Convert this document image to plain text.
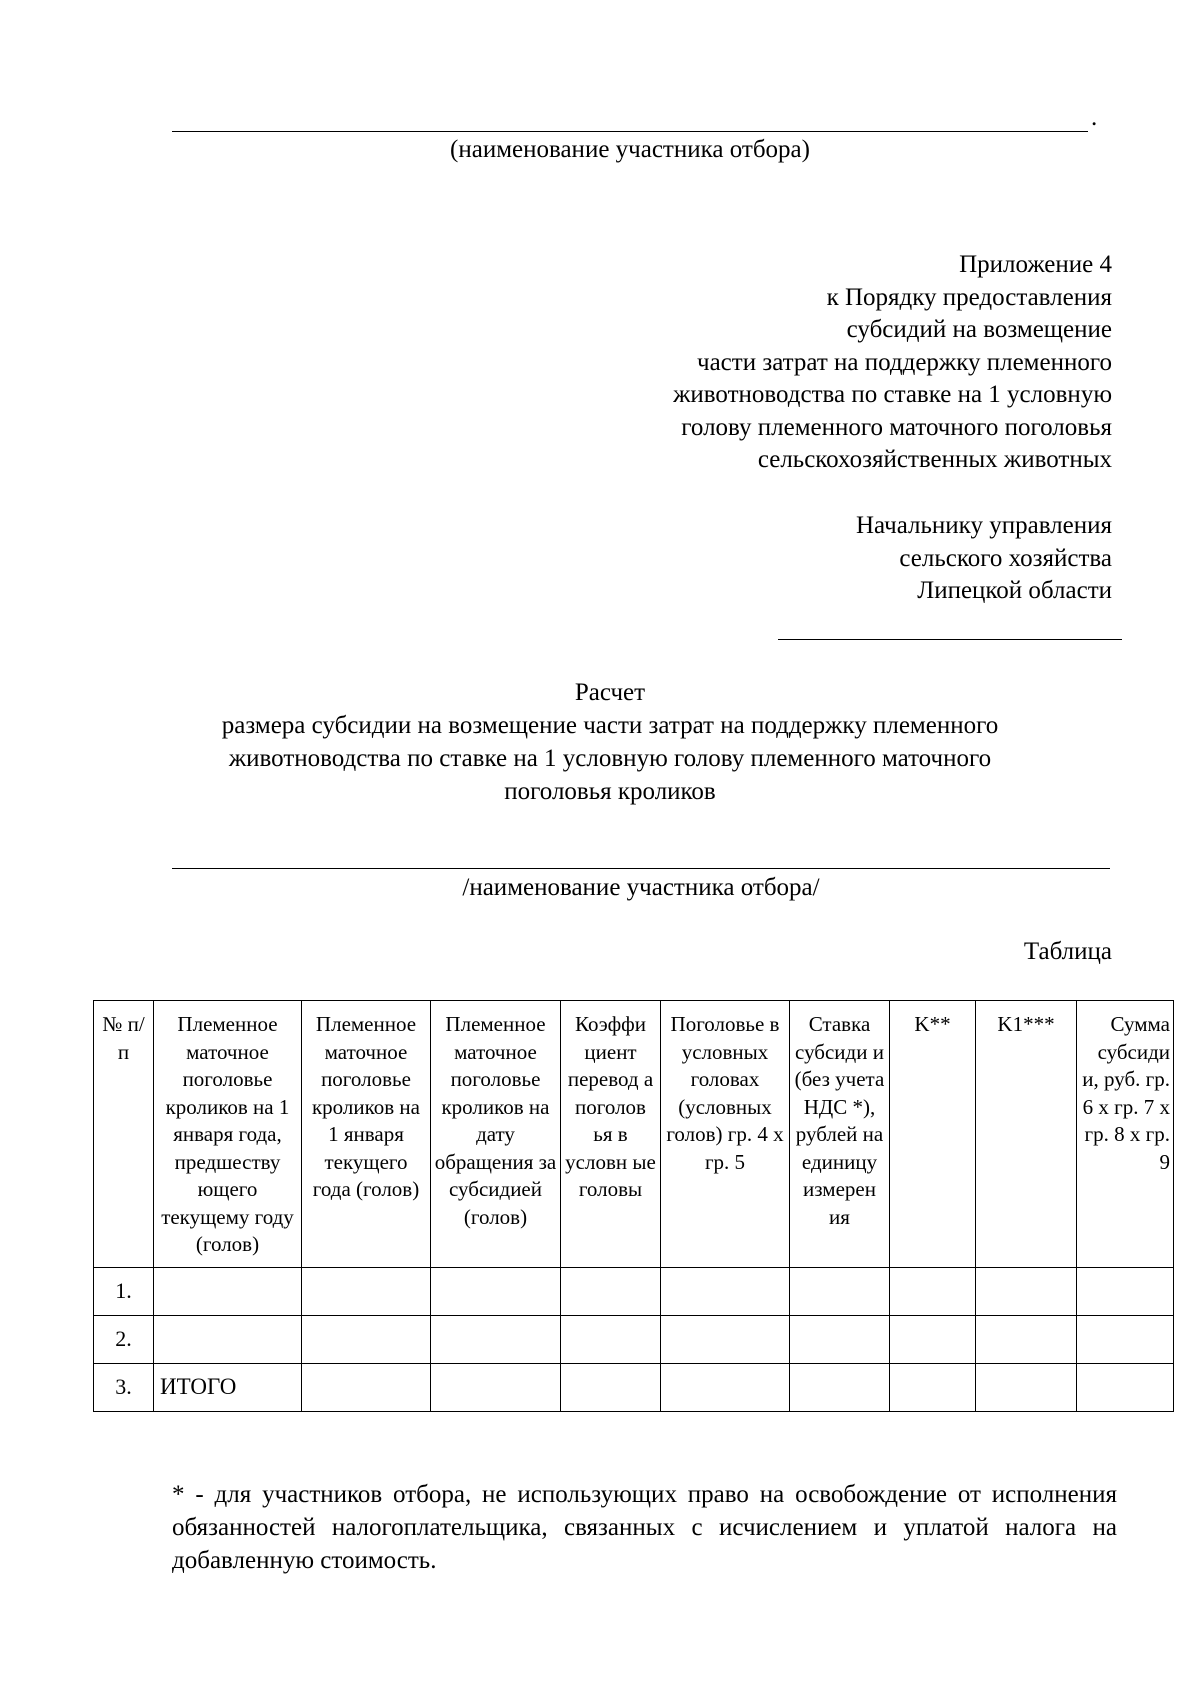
.
(наименование участника отбора)
Приложение 4
к Порядку предоставления
субсидий на возмещение
части затрат на поддержку племенного
животноводства по ставке на 1 условную
голову племенного маточного поголовья
сельскохозяйственных животных
Начальнику управления
сельского хозяйства
Липецкой области
Расчет
размера субсидии на возмещение части затрат на поддержку племенного
животноводства по ставке на 1 условную голову племенного маточного
поголовья кроликов
/наименование участника отбора/
Таблица
№ п/п	Племенное маточное поголовье кроликов на 1 января года, предшеству ющего текущему году (голов)	Племенное маточное поголовье кроликов на 1 января текущего года (голов)	Племенное маточное поголовье кроликов на дату обращения за субсидией (голов)	Коэффи циент перевод а поголов ья в условн ые головы	Поголовье в условных головах (условных голов) гр. 4 x гр. 5	Ставка субсиди и (без учета НДС *), рублей на единицу измерен ия	K**	K1***	Сумма субсиди и, руб. гр. 6 x гр. 7 x гр. 8 x гр. 9
1.									
2.									
3.	ИТОГО								
* - для участников отбора, не использующих право на освобождение от исполнения обязанностей налогоплательщика, связанных с исчислением и уплатой налога на добавленную стоимость.
